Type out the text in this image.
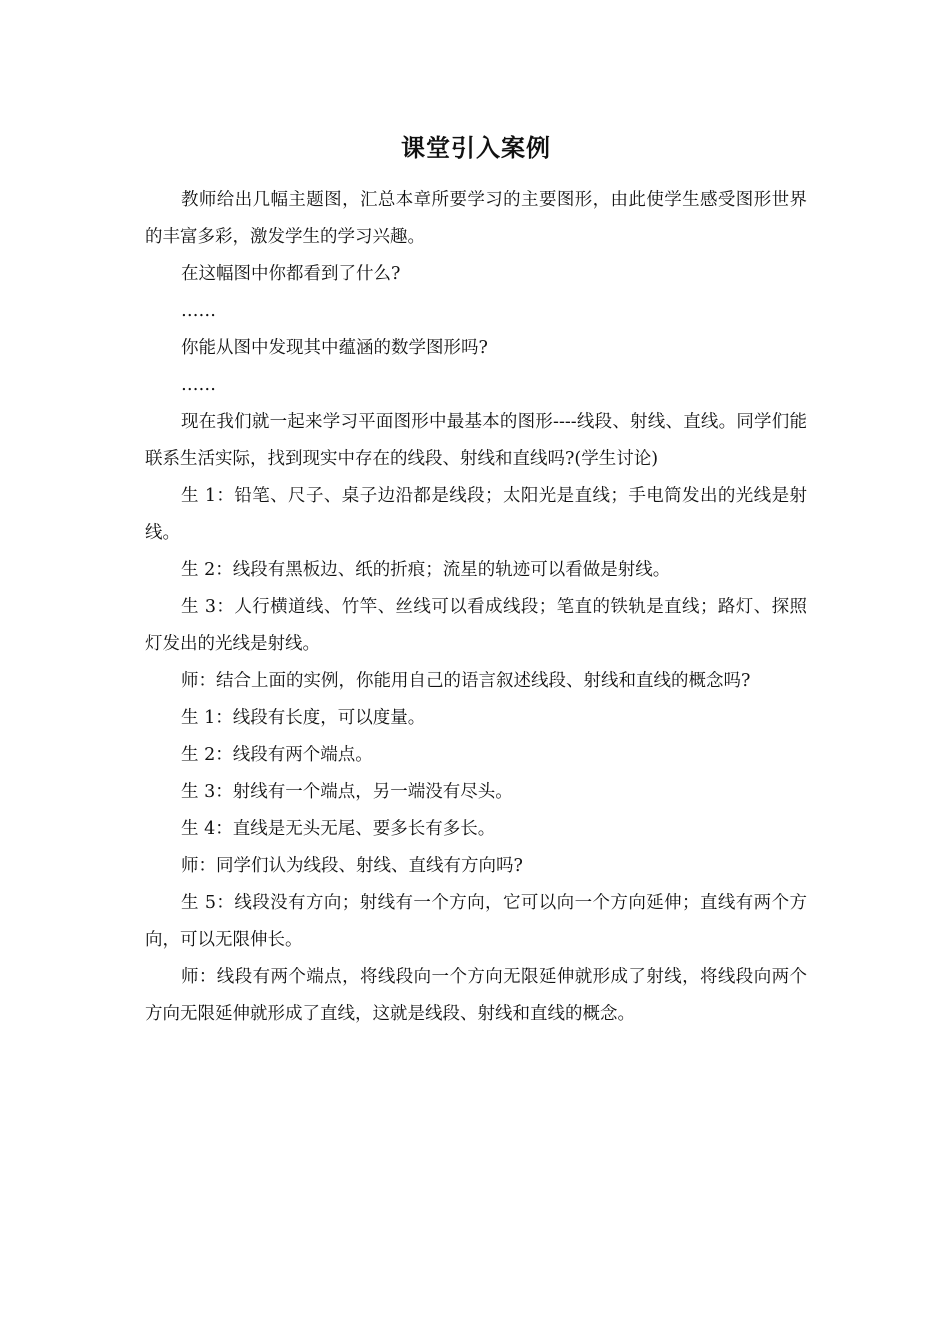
课堂引入案例

教师给出几幅主题图，汇总本章所要学习的主要图形，由此使学生感受图形世界的丰富多彩，激发学生的学习兴趣。

在这幅图中你都看到了什么?

……

你能从图中发现其中蕴涵的数学图形吗?

……

现在我们就一起来学习平面图形中最基本的图形----线段、射线、直线。同学们能联系生活实际，找到现实中存在的线段、射线和直线吗?(学生讨论)

生 1：铅笔、尺子、桌子边沿都是线段；太阳光是直线；手电筒发出的光线是射线。

生 2：线段有黑板边、纸的折痕；流星的轨迹可以看做是射线。

生 3：人行横道线、竹竿、丝线可以看成线段；笔直的铁轨是直线；路灯、探照灯发出的光线是射线。

师：结合上面的实例，你能用自己的语言叙述线段、射线和直线的概念吗?

生 1：线段有长度，可以度量。

生 2：线段有两个端点。

生 3：射线有一个端点，另一端没有尽头。

生 4：直线是无头无尾、要多长有多长。

师：同学们认为线段、射线、直线有方向吗?

生 5：线段没有方向；射线有一个方向，它可以向一个方向延伸；直线有两个方向，可以无限伸长。

师：线段有两个端点，将线段向一个方向无限延伸就形成了射线，将线段向两个方向无限延伸就形成了直线，这就是线段、射线和直线的概念。
